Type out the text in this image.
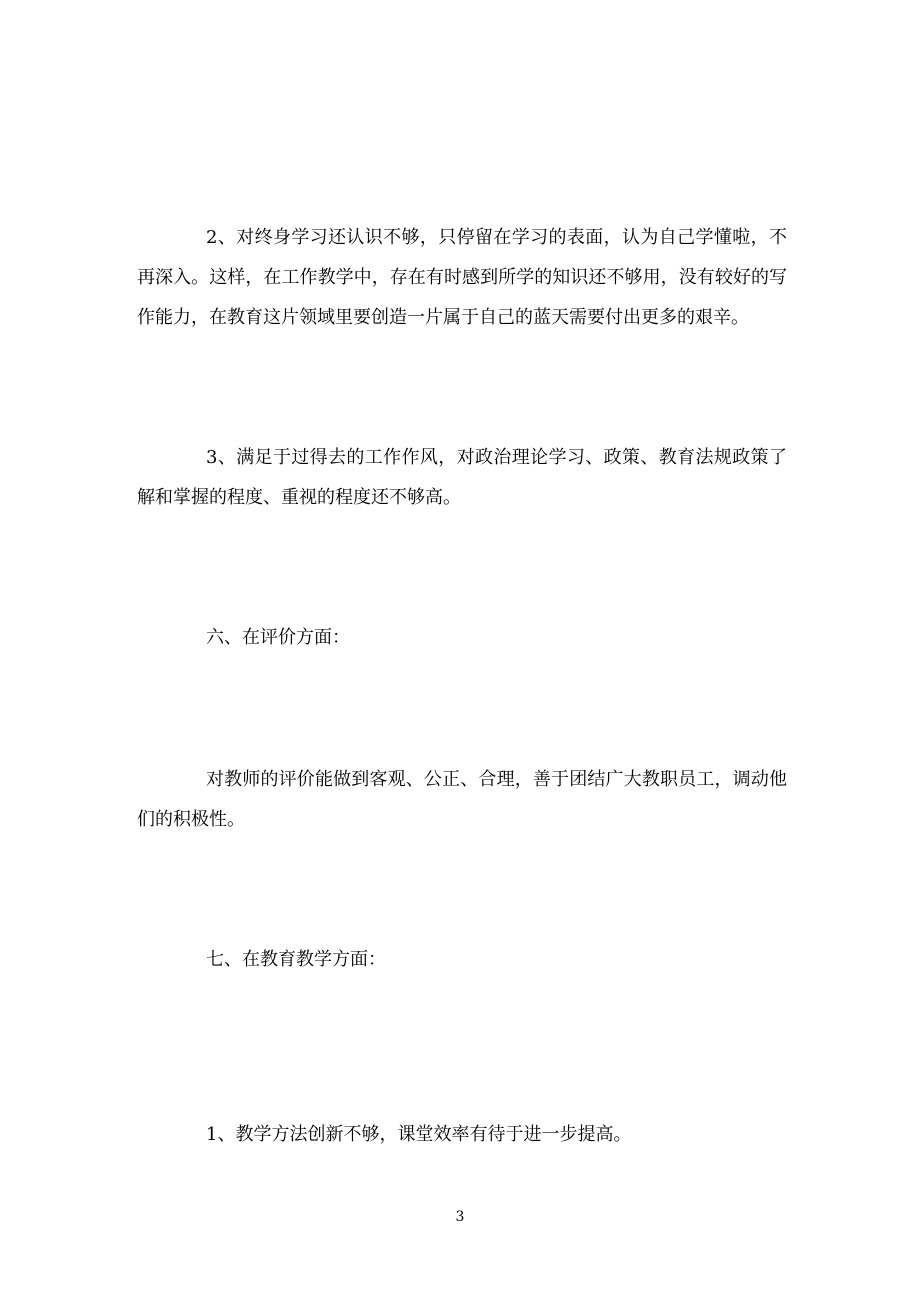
2、对终身学习还认识不够，只停留在学习的表面，认为自己学懂啦，不再深入。这样，在工作教学中，存在有时感到所学的知识还不够用，没有较好的写作能力，在教育这片领域里要创造一片属于自己的蓝天需要付出更多的艰辛。

3、满足于过得去的工作作风，对政治理论学习、政策、教育法规政策了解和掌握的程度、重视的程度还不够高。

六、在评价方面：

对教师的评价能做到客观、公正、合理，善于团结广大教职员工，调动他们的积极性。

七、在教育教学方面：

1、教学方法创新不够，课堂效率有待于进一步提高。

3
